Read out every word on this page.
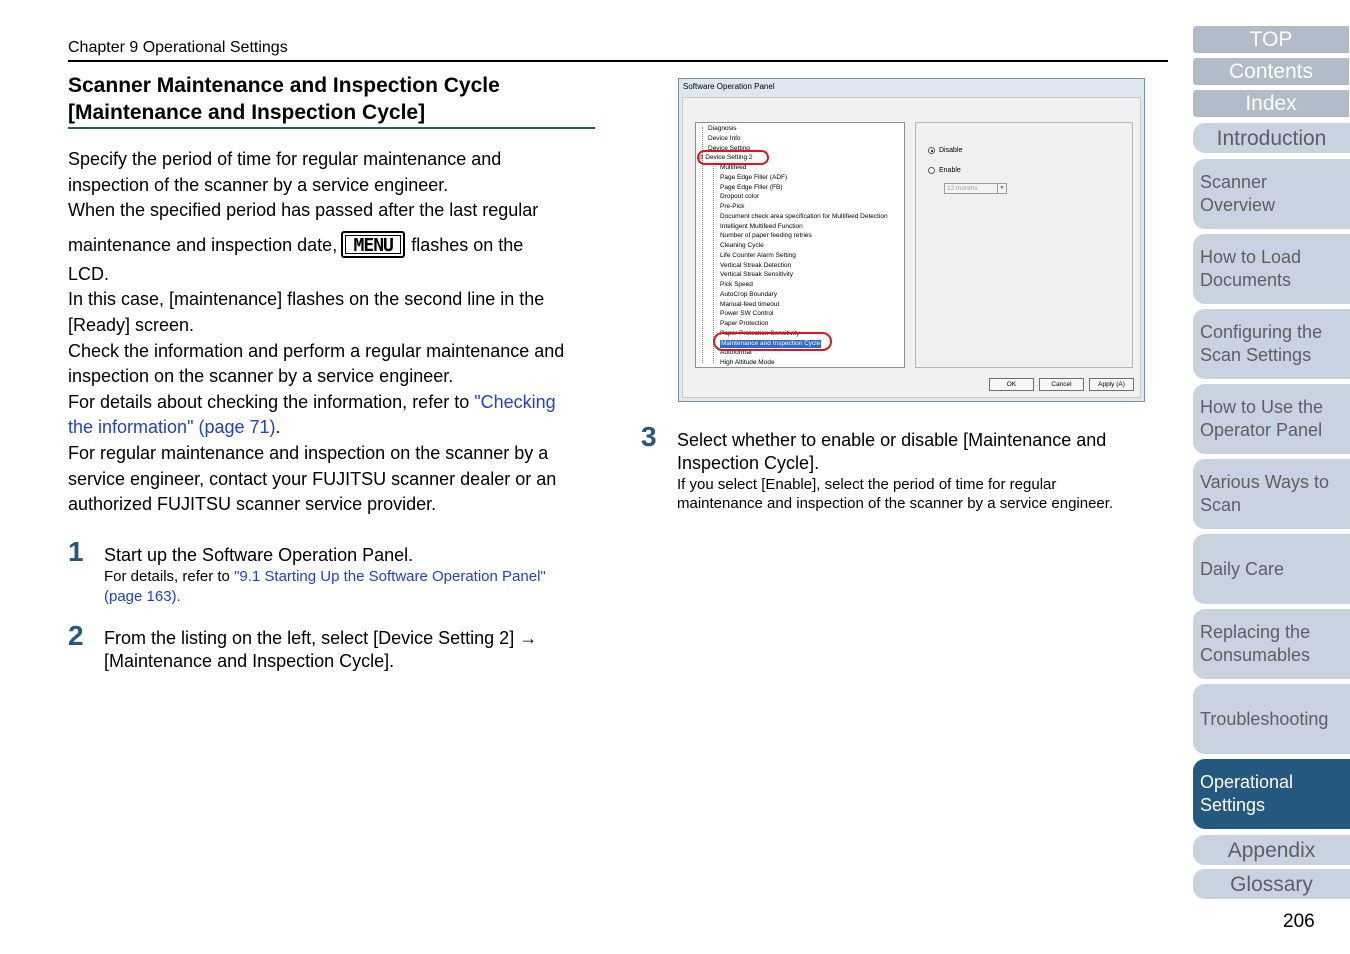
Chapter 9 Operational Settings
Scanner Maintenance and Inspection Cycle
[Maintenance and Inspection Cycle]

Specify the period of time for regular maintenance and

inspection of the scanner by a service engineer.

When the specified period has passed after the last regular

maintenance and inspection date, MENU	flashes on the

LCD.

In this case, [maintenance] flashes on the second line in the

[Ready] screen.

Check the information and perform a regular maintenance and

inspection on the scanner by a service engineer.

For details about checking the information, refer to "Checking

the information" (page 71).

For regular maintenance and inspection on the scanner by a

service engineer, contact your FUJITSU scanner dealer or an

authorized FUJITSU scanner service provider.

1 Start up the Software Operation Panel.
For details, refer to "9.1 Starting Up the Software Operation Panel"
(page 163).
2 From the listing on the left, select [Device Setting 2] →
[Maintenance and Inspection Cycle].
3 Select whether to enable or disable [Maintenance and
Inspection Cycle].
If you select [Enable], select the period of time for regular
maintenance and inspection of the scanner by a service engineer.
Software Operation Panel
Diagnosis
Device Info
Device Setting
⊟ Device Setting 2
Multifeed
Page Edge Filler (ADF)
Page Edge Filler (FB)
Dropout color
Pre-Pick
Document check area specification for Multifeed Detection
Intelligent Multifeed Function
Number of paper feeding retries
Cleaning Cycle
Life Counter Alarm Setting
Vertical Streak Detection
Vertical Streak Sensitivity
Pick Speed
AutoCrop Boundary
Manual-feed timeout
Power SW Control
Paper Protection
Paper Protection Sensitivity
Maintenance and Inspection Cycle
Autoformat
High Altitude Mode
Disable
Enable
12 months	▼
OK	Cancel	Apply (A)
TOP
Contents
Index
Introduction
Scanner
Overview
How to Load
Documents
Configuring the
Scan Settings
How to Use the
Operator Panel
Various Ways to
Scan
Daily Care
Replacing the
Consumables
Troubleshooting
Operational
Settings
Appendix
Glossary
206
